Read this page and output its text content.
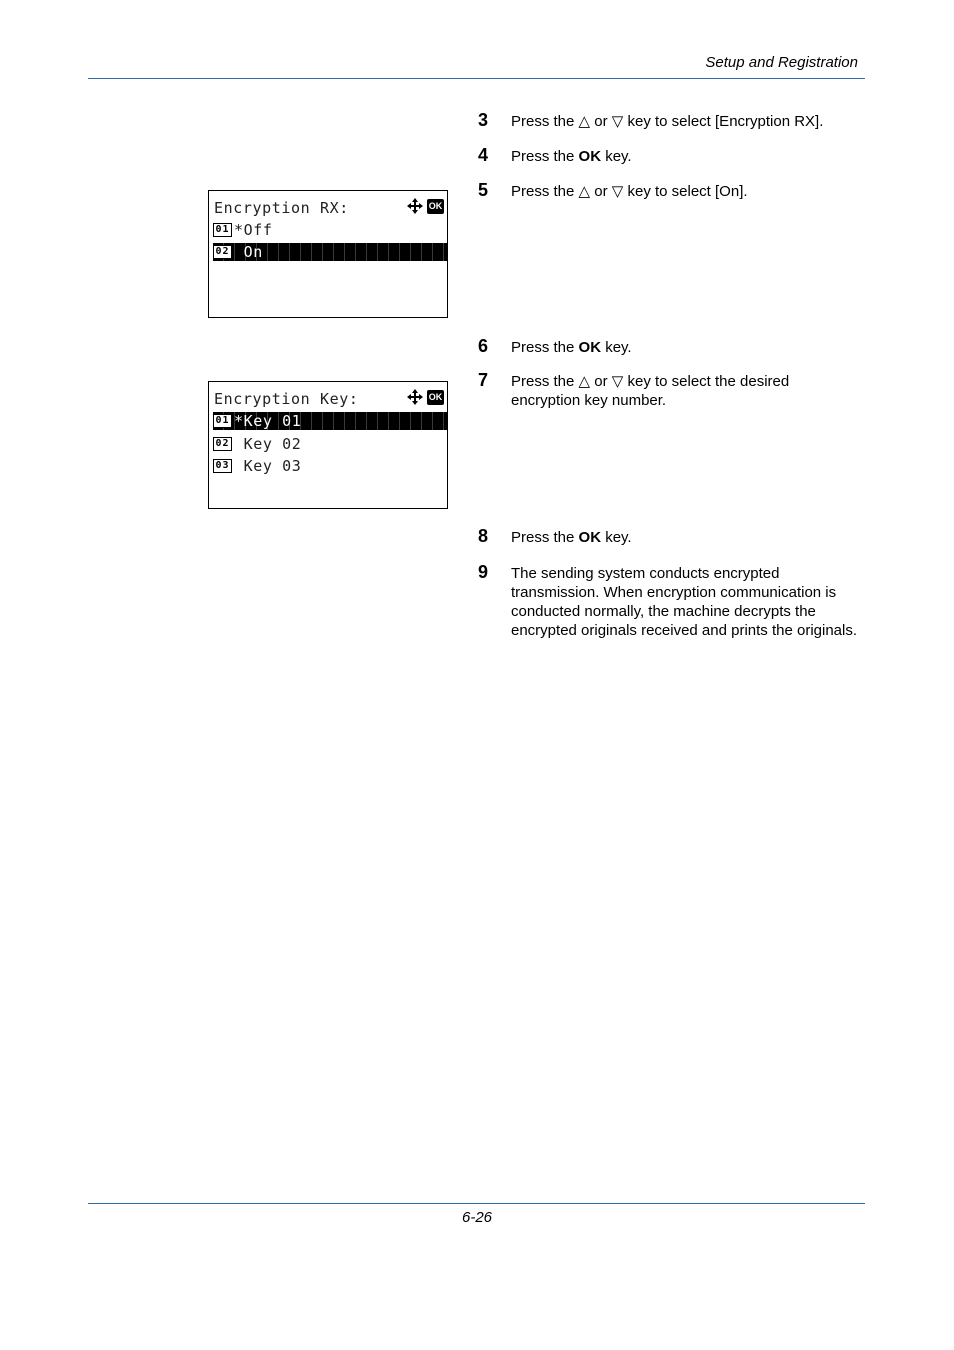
Setup and Registration
Encryption RX:	OK
01 *Off
02 On
Encryption Key:	OK
01 *Key 01
02 Key 02
03 Key 03
3 Press the △ or ▽ key to select [Encryption RX].
4 Press the OK key.
5 Press the △ or ▽ key to select [On].
6 Press the OK key.
7 Press the △ or ▽ key to select the desired encryption key number.
8 Press the OK key.
9 The sending system conducts encrypted transmission. When encryption communication is conducted normally, the machine decrypts the encrypted originals received and prints the originals.
6-26
